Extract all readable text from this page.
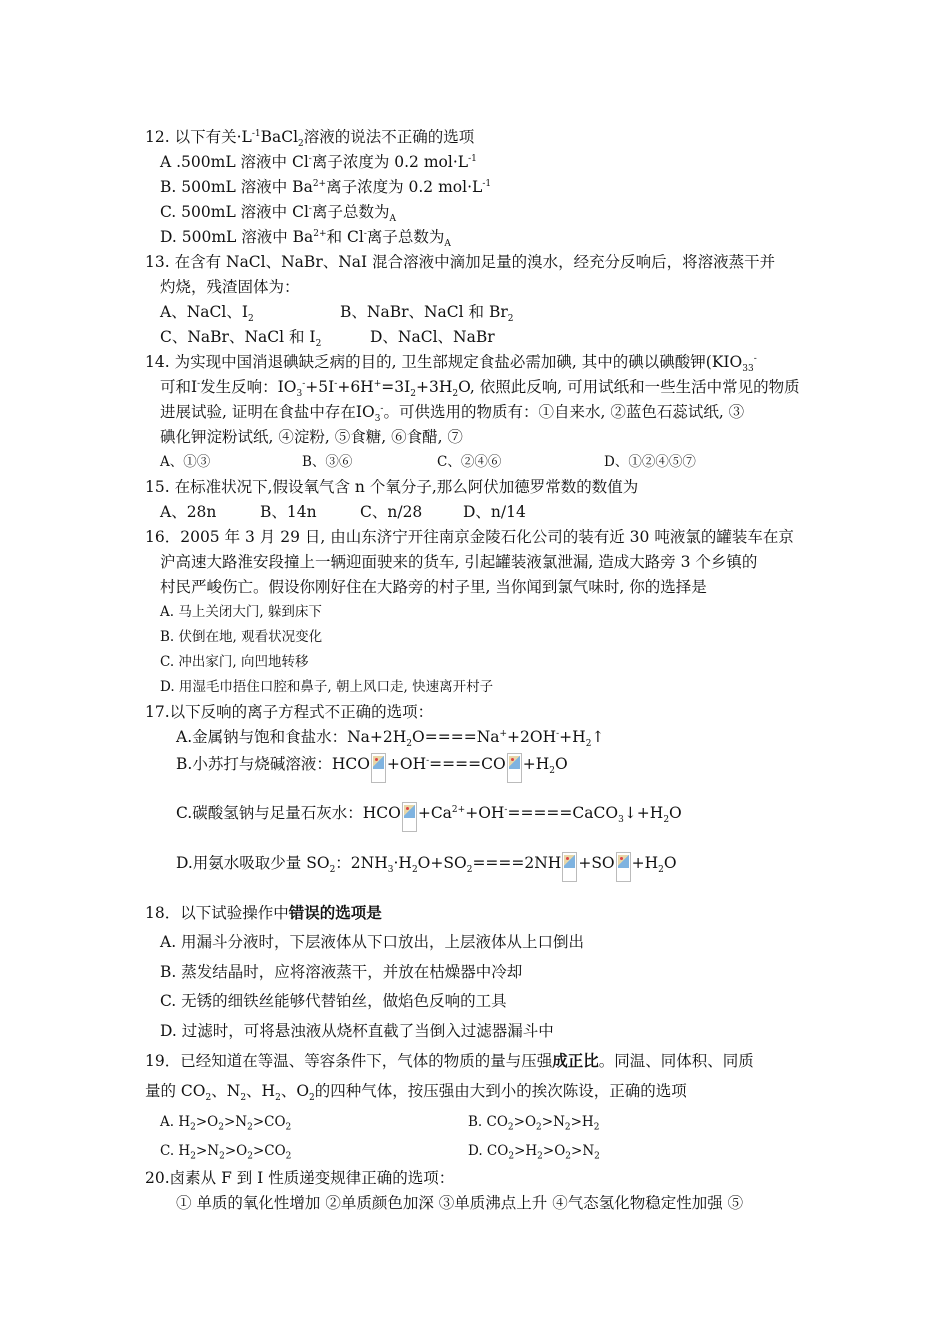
12. 以下有关$\cdot L^{-1}BaCl_2$溶液的说法不正确的选项
A .500mL 溶液中 Cl-离子浓度为 0.2 $mol\cdot L^{-1}$
B. 500mL 溶液中 $Ba^{2+}$离子浓度为 0.2 $mol\cdot L^{-1}$
C. 500mL 溶液中 Cl-离子总数为$_A$
D. 500mL 溶液中 $Ba^{2+}$和 Cl-离子总数为$_A$
13. 在含有 NaCl、NaBr、NaI 混合溶液中滴加足量的溴水，经充分反响后，将溶液蒸干并
灼烧，残渣固体为：
A、NaCl、$I_2$	B、NaBr、NaCl 和 $Br_2$
C、NaBr、NaCl 和 $I_2$	D、NaCl、NaBr
14. 为实现中国消退碘缺乏病的目的, 卫生部规定食盐必需加碘, 其中的碘以碘酸钾($KIO_{33}^-$
可和I-发生反响：$IO_3^-+5I^-+6H^+=3I_2+3H_2O$, 依照此反响, 可用试纸和一些生活中常见的物质
进展试验, 证明在食盐中存在$IO_3^-$。可供选用的物质有：①自来水, ②蓝色石蕊试纸, ③
碘化钾淀粉试纸, ④淀粉, ⑤食糖, ⑥食醋, ⑦
A、①③	B、③⑥	C、②④⑥	D、①②④⑤⑦
15. 在标准状况下,假设氧气含 n 个氧分子,那么阿伏加德罗常数的数值为
A、28n	B、14n	C、n/28	D、n/14
16．2005 年 3 月 29 日, 由山东济宁开往南京金陵石化公司的装有近 30 吨液氯的罐装车在京
沪高速大路淮安段撞上一辆迎面驶来的货车, 引起罐装液氯泄漏, 造成大路旁 3 个乡镇的
村民严峻伤亡。假设你刚好住在大路旁的村子里, 当你闻到氯气味时, 你的选择是
A. 马上关闭大门, 躲到床下
B. 伏倒在地, 观看状况变化
C. 冲出家门, 向凹地转移
D. 用湿毛巾捂住口腔和鼻子, 朝上风口走, 快速离开村子
17.以下反响的离子方程式不正确的选项：
A.金属钠与饱和食盐水：$Na+2H_2O====Na^++2OH^-+H_2↑$
B.小苏打与烧碱溶液：HCO $+OH^-====CO +H_2O$
C.碳酸氢钠与足量石灰水：HCO $+Ca^{2+}+OH^-=====CaCO_3↓+H_2O$
D.用氨水吸取少量 $SO_2$：$2NH_3\cdot H_2O+SO_2====2NH +SO +H_2O$
18．以下试验操作中错误的选项是
A. 用漏斗分液时，下层液体从下口放出，上层液体从上口倒出
B. 蒸发结晶时，应将溶液蒸干，并放在枯燥器中冷却
C. 无锈的细铁丝能够代替铂丝，做焰色反响的工具
D. 过滤时，可将悬浊液从烧杯直截了当倒入过滤器漏斗中
19．已经知道在等温、等容条件下，气体的物质的量与压强成正比。同温、同体积、同质
量的 $CO_2$、$N_2$、$H_2$、$O_2$的四种气体，按压强由大到小的挨次陈设，正确的选项
A. $H_2>O_2>N_2>CO_2$	B. $CO_2>O_2>N_2>H_2$
C. $H_2>N_2>O_2>CO_2$	D. $CO_2>H_2>O_2>N_2$
20.卤素从 F 到 I 性质递变规律正确的选项：
① 单质的氧化性增加 ②单质颜色加深 ③单质沸点上升 ④气态氢化物稳定性加强 ⑤
